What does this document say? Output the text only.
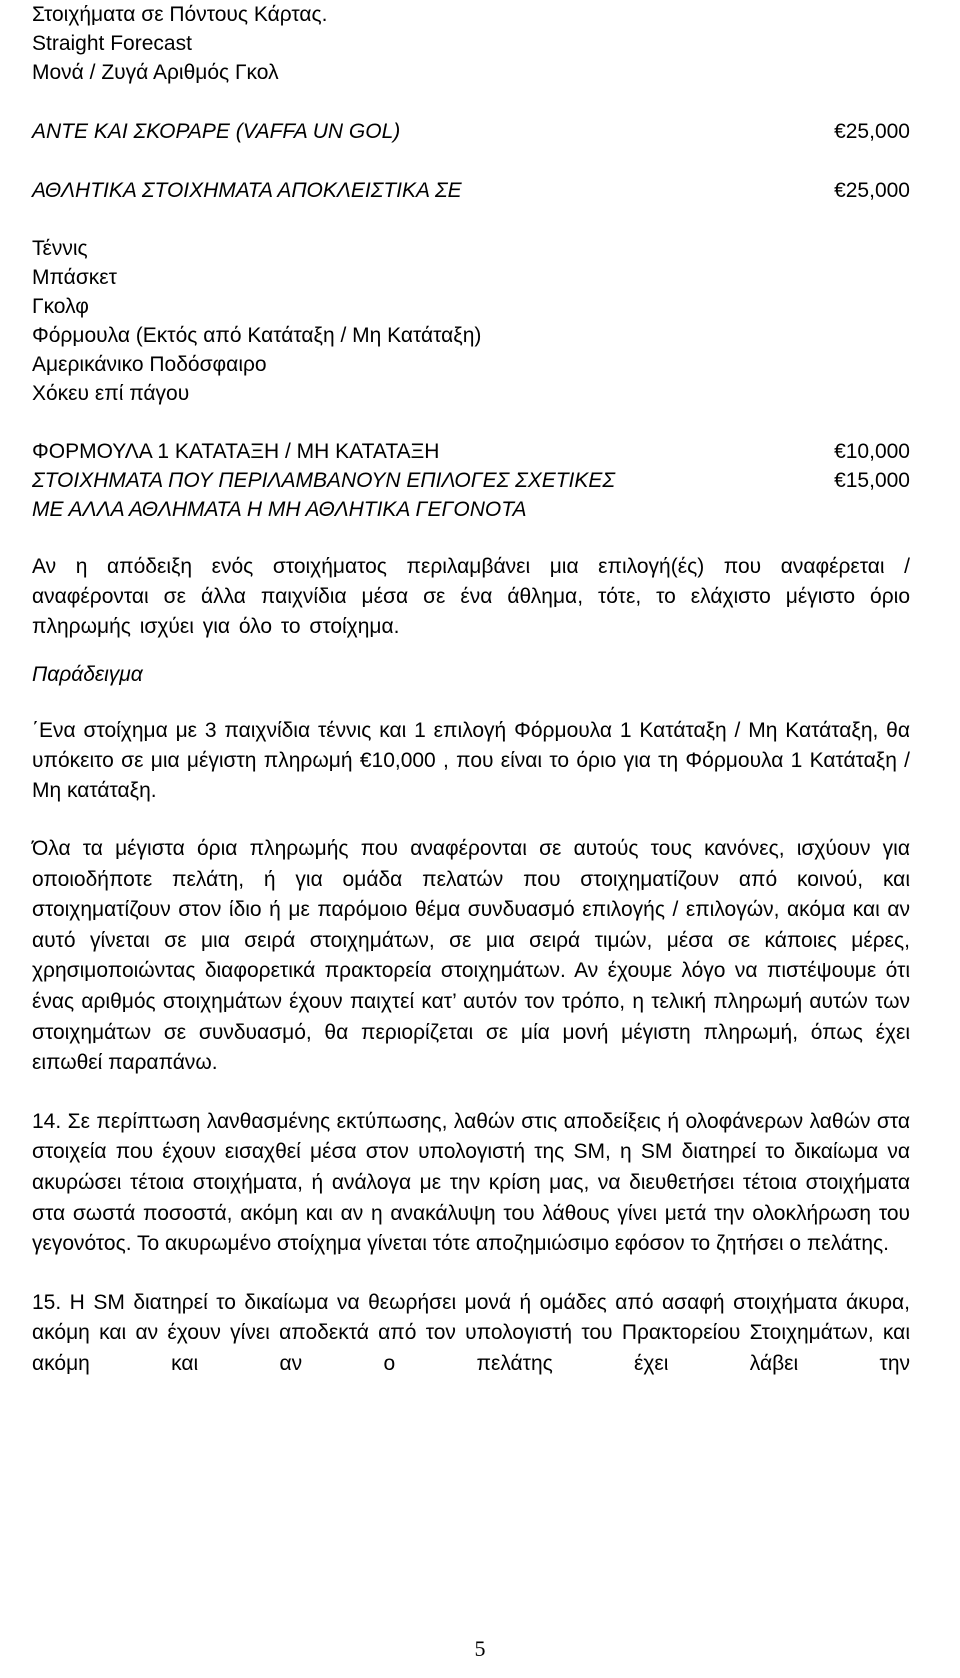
Στοιχήματα σε Πόντους Κάρτας.
Straight Forecast
Μονά / Ζυγά Αριθμός Γκολ
ΑΝΤΕ ΚΑΙ ΣΚΟΡΑΡΕ (VAFFA UN GOL)	€25,000
ΑΘΛΗΤΙΚΑ ΣΤΟΙΧΗΜΑΤΑ ΑΠΟΚΛΕΙΣΤΙΚΑ ΣΕ	€25,000
Τέννις
Μπάσκετ
Γκολφ
Φόρμουλα (Εκτός από Κατάταξη / Μη Κατάταξη)
Αμερικάνικο Ποδόσφαιρο
Χόκευ επί πάγου
ΦΟΡΜΟΥΛΑ 1 ΚΑΤΑΤΑΞΗ / ΜΗ ΚΑΤΑΤΑΞΗ	€10,000
ΣΤΟΙΧΗΜΑΤΑ ΠΟΥ ΠΕΡΙΛΑΜΒΑΝΟΥΝ ΕΠΙΛΟΓΕΣ ΣΧΕΤΙΚΕΣ	€15,000
ΜΕ ΑΛΛΑ ΑΘΛΗΜΑΤΑ Η ΜΗ ΑΘΛΗΤΙΚΑ ΓΕΓΟΝΟΤΑ
Αν η απόδειξη ενός στοιχήματος περιλαμβάνει μια επιλογή(ές) που αναφέρεται / αναφέρονται σε άλλα παιχνίδια μέσα σε ένα άθλημα, τότε, το ελάχιστο μέγιστο όριο πληρωμής ισχύει για όλο το στοίχημα.
Παράδειγμα
΄Ενα στοίχημα με 3 παιχνίδια τέννις και 1 επιλογή Φόρμουλα 1 Κατάταξη / Μη Κατάταξη, θα υπόκειτο σε μια μέγιστη πληρωμή €10,000 , που είναι το όριο για τη Φόρμουλα 1 Κατάταξη / Μη κατάταξη.
Όλα τα μέγιστα όρια πληρωμής που αναφέρονται σε αυτούς τους κανόνες, ισχύουν για οποιοδήποτε πελάτη, ή για ομάδα πελατών που στοιχηματίζουν από κοινού, και στοιχηματίζουν στον ίδιο ή με παρόμοιο θέμα συνδυασμό επιλογής / επιλογών, ακόμα και αν αυτό γίνεται σε μια σειρά στοιχημάτων, σε μια σειρά τιμών, μέσα σε κάποιες μέρες, χρησιμοποιώντας διαφορετικά πρακτορεία στοιχημάτων. Αν έχουμε λόγο να πιστέψουμε ότι ένας αριθμός στοιχημάτων έχουν παιχτεί κατ’ αυτόν τον τρόπο, η τελική πληρωμή αυτών των στοιχημάτων σε συνδυασμό, θα περιορίζεται σε μία μονή μέγιστη πληρωμή, όπως έχει ειπωθεί παραπάνω.
14. Σε περίπτωση λανθασμένης εκτύπωσης, λαθών στις αποδείξεις ή ολοφάνερων λαθών στα στοιχεία που έχουν εισαχθεί μέσα στον υπολογιστή της SM, η SM διατηρεί το δικαίωμα να ακυρώσει τέτοια στοιχήματα, ή ανάλογα με την κρίση μας, να διευθετήσει τέτοια στοιχήματα στα σωστά ποσοστά, ακόμη και αν η ανακάλυψη του λάθους γίνει μετά την ολοκλήρωση του γεγονότος. Το ακυρωμένο στοίχημα γίνεται τότε αποζημιώσιμο εφόσον το ζητήσει ο πελάτης.
15. Η SM διατηρεί το δικαίωμα να θεωρήσει μονά ή ομάδες από ασαφή στοιχήματα άκυρα, ακόμη και αν έχουν γίνει αποδεκτά από τον υπολογιστή του Πρακτορείου Στοιχημάτων, και ακόμη και αν ο πελάτης έχει λάβει την
5
